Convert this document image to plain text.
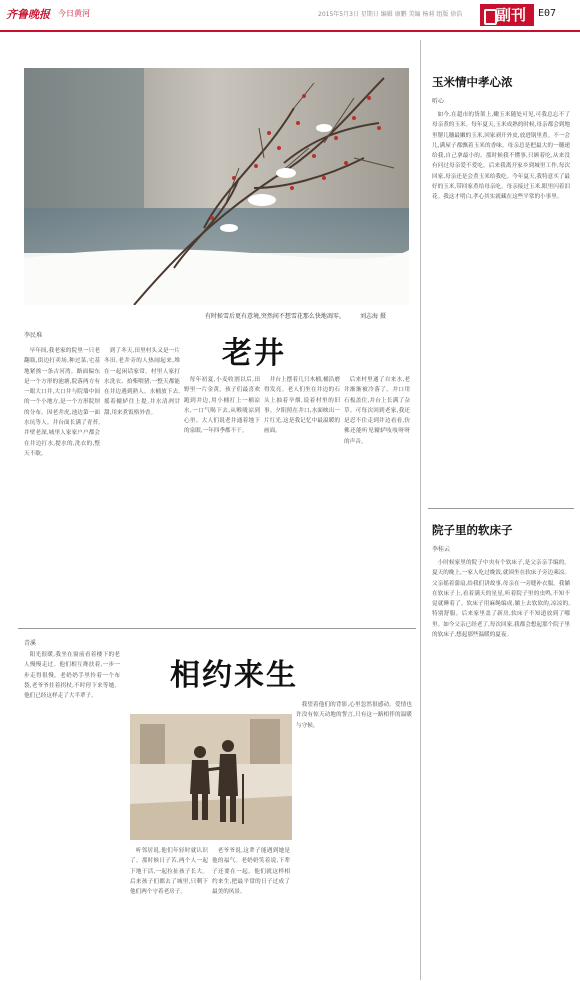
齐鲁晚报 今日黄河	2015年5月3日 星期日 编辑 康鹏 美编 杨莉 组版 徐浩	副刊	E07
有时候雪后更有意境,突然间不想雪花那么快地凋零。	刘志海 摄
李民堆
老井

早年间,我老家的院里一只老翻瓶,街边打卖场,种过菜,宅基地紧挨一条古河湾。路面偏东是一个方形的池塘,院落两方有一眼大口井,大口井与院墙中间的一个小地方,是一个方形院坝的分布。因老井虎,池边第一面水坑等人。井台面长满了青苔,井壁老深,城里人家家户户都会在井边打水,提水的,洗衣的,整天不歇。

到了冬天,田里村头又是一片冬田,老井旁的人热闹起来,堆在一起闲话家常。村里人家打水洗衣、拾柴喂猪,一整天都能在井边遇到熟人。水桶放下去,摇着辘轳往上提,井水清冽甘甜,用来煮饭格外香。

每年初夏,小麦收割以后,田野里一片金黄。孩子们最喜欢跑到井边,用小桶打上一桶凉水,一口气喝下去,从喉咙凉到心里。大人们说老井通着地下的泉眼,一年四季都不干。

井台上摆着几只木桶,桶沿磨得发亮。老人们坐在井边的石头上抽着旱烟,说着村里的旧事。夕阳照在井口,水面映出一片红光,这是我记忆中最温暖的画面。

后来村里通了自来水,老井渐渐被冷落了。井口用石板盖住,井台上长满了杂草。可每次回到老家,我还是忍不住走到井边看看,仿佛还能听见辘轳吱吱呀呀的声音。

青溪
相约来生

阳光很暖,我坐在窗前看着楼下的老人慢慢走过。他们相互搀扶着,一步一步走得很慢。老奶奶手里拎着一个布袋,老爷爷拄着拐杖,不时停下来等她。他们已经这样走了大半辈子。

听邻居说,他们年轻时就认识了。那时候日子苦,两个人一起下地干活,一起拉扯孩子长大。后来孩子们都去了城里,只剩下他们两个守着老房子。

老爷爷说,这辈子能遇到她是他的福气。老奶奶笑着说,下辈子还要在一起。他们就这样相约来生,把最平常的日子过成了最美的风景。

我望着他们的背影,心里忽然很感动。爱情也许没有惊天动地的誓言,只有这一路相伴的温暖与守候。

玉米情中孝心浓
听心

如今,在超市的货架上,嫩玉米随处可见,可我总忘不了母亲煮的玉米。每年夏天,玉米成熟的时候,母亲都会到地里掰几穗最嫩的玉米,回家剥开外皮,放进锅里煮。不一会儿,满屋子都飘着玉米的香味。母亲总是把最大的一穗递给我,自己拿最小的。那时候我不懂事,只顾着吃,从来没有问过母亲爱不爱吃。后来我离开家乡到城里工作,每次回家,母亲还是会煮玉米给我吃。今年夏天,我特意买了最好的玉米,带回家煮给母亲吃。母亲接过玉米,眼里闪着泪花。我这才明白,孝心其实就藏在这些平常的小事里。

院子里的软床子
李桂云

小时候家里的院子中央有个软床子,是父亲亲手编的。夏天的晚上,一家人吃过晚饭,就围坐在软床子旁边乘凉。父亲摇着蒲扇,给我们讲故事,母亲在一旁缝补衣服。我躺在软床子上,看着满天的星星,听着院子里的虫鸣,不知不觉就睡着了。软床子用麻绳编成,躺上去软软的,凉凉的,特别舒服。后来家里盖了新房,软床子不知道放到了哪里。如今父亲已经老了,每次回家,我都会想起那个院子里的软床子,想起那些温暖的夏夜。
